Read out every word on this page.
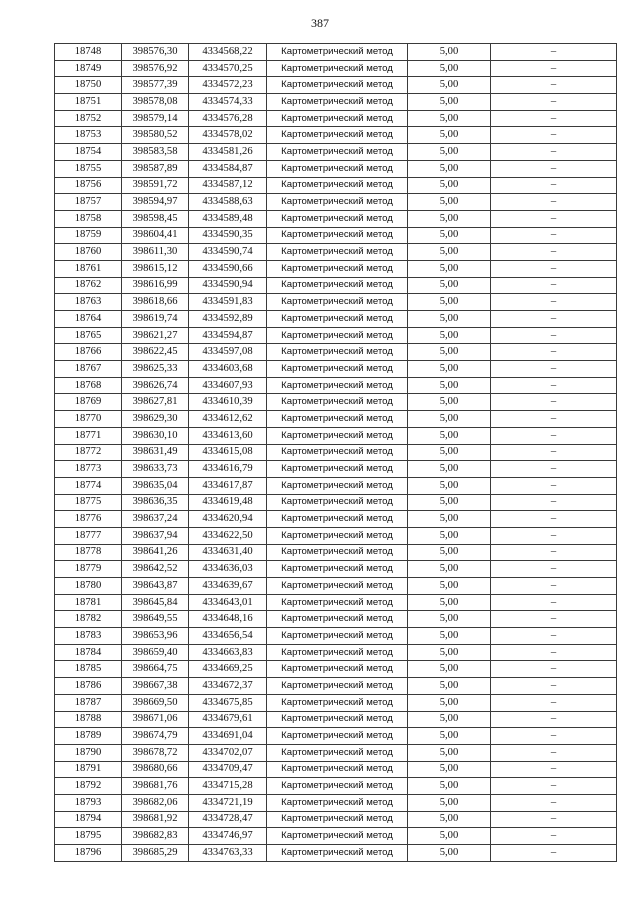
387
18748	398576,30	4334568,22	Картометрический метод	5,00	–
18749	398576,92	4334570,25	Картометрический метод	5,00	–
18750	398577,39	4334572,23	Картометрический метод	5,00	–
18751	398578,08	4334574,33	Картометрический метод	5,00	–
18752	398579,14	4334576,28	Картометрический метод	5,00	–
18753	398580,52	4334578,02	Картометрический метод	5,00	–
18754	398583,58	4334581,26	Картометрический метод	5,00	–
18755	398587,89	4334584,87	Картометрический метод	5,00	–
18756	398591,72	4334587,12	Картометрический метод	5,00	–
18757	398594,97	4334588,63	Картометрический метод	5,00	–
18758	398598,45	4334589,48	Картометрический метод	5,00	–
18759	398604,41	4334590,35	Картометрический метод	5,00	–
18760	398611,30	4334590,74	Картометрический метод	5,00	–
18761	398615,12	4334590,66	Картометрический метод	5,00	–
18762	398616,99	4334590,94	Картометрический метод	5,00	–
18763	398618,66	4334591,83	Картометрический метод	5,00	–
18764	398619,74	4334592,89	Картометрический метод	5,00	–
18765	398621,27	4334594,87	Картометрический метод	5,00	–
18766	398622,45	4334597,08	Картометрический метод	5,00	–
18767	398625,33	4334603,68	Картометрический метод	5,00	–
18768	398626,74	4334607,93	Картометрический метод	5,00	–
18769	398627,81	4334610,39	Картометрический метод	5,00	–
18770	398629,30	4334612,62	Картометрический метод	5,00	–
18771	398630,10	4334613,60	Картометрический метод	5,00	–
18772	398631,49	4334615,08	Картометрический метод	5,00	–
18773	398633,73	4334616,79	Картометрический метод	5,00	–
18774	398635,04	4334617,87	Картометрический метод	5,00	–
18775	398636,35	4334619,48	Картометрический метод	5,00	–
18776	398637,24	4334620,94	Картометрический метод	5,00	–
18777	398637,94	4334622,50	Картометрический метод	5,00	–
18778	398641,26	4334631,40	Картометрический метод	5,00	–
18779	398642,52	4334636,03	Картометрический метод	5,00	–
18780	398643,87	4334639,67	Картометрический метод	5,00	–
18781	398645,84	4334643,01	Картометрический метод	5,00	–
18782	398649,55	4334648,16	Картометрический метод	5,00	–
18783	398653,96	4334656,54	Картометрический метод	5,00	–
18784	398659,40	4334663,83	Картометрический метод	5,00	–
18785	398664,75	4334669,25	Картометрический метод	5,00	–
18786	398667,38	4334672,37	Картометрический метод	5,00	–
18787	398669,50	4334675,85	Картометрический метод	5,00	–
18788	398671,06	4334679,61	Картометрический метод	5,00	–
18789	398674,79	4334691,04	Картометрический метод	5,00	–
18790	398678,72	4334702,07	Картометрический метод	5,00	–
18791	398680,66	4334709,47	Картометрический метод	5,00	–
18792	398681,76	4334715,28	Картометрический метод	5,00	–
18793	398682,06	4334721,19	Картометрический метод	5,00	–
18794	398681,92	4334728,47	Картометрический метод	5,00	–
18795	398682,83	4334746,97	Картометрический метод	5,00	–
18796	398685,29	4334763,33	Картометрический метод	5,00	–
